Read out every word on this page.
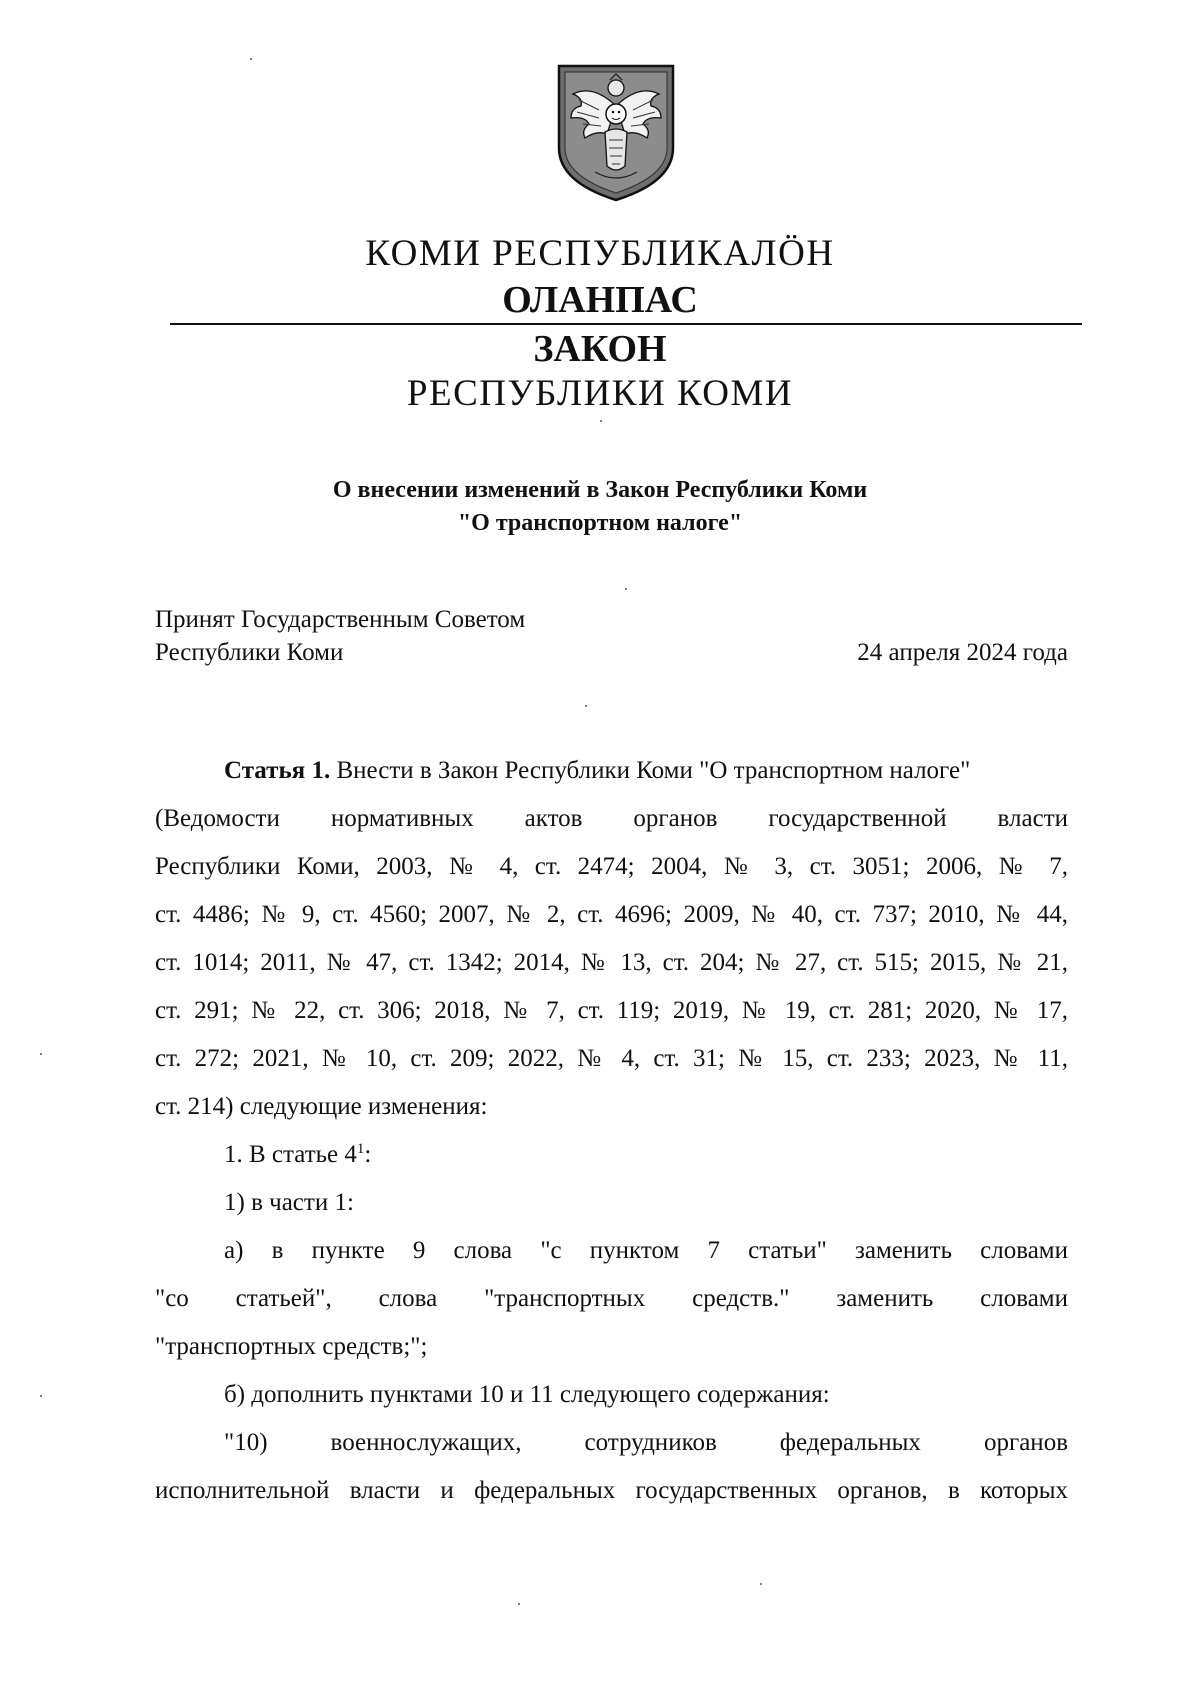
КОМИ РЕСПУБЛИКАЛӦН
ОЛАНПАС
ЗАКОН
РЕСПУБЛИКИ КОМИ
О внесении изменений в Закон Республики Коми
"О транспортном налоге"
Принят Государственным Советом
Республики Коми	24 апреля 2024 года
Статья 1. Внести в Закон Республики Коми "О транспортном налоге"
(Ведомости нормативных актов органов государственной власти
Республики Коми, 2003, № 4, ст. 2474; 2004, № 3, ст. 3051; 2006, № 7,
ст. 4486; № 9, ст. 4560; 2007, № 2, ст. 4696; 2009, № 40, ст. 737; 2010, № 44,
ст. 1014; 2011, № 47, ст. 1342; 2014, № 13, ст. 204; № 27, ст. 515; 2015, № 21,
ст. 291; № 22, ст. 306; 2018, № 7, ст. 119; 2019, № 19, ст. 281; 2020, № 17,
ст. 272; 2021, № 10, ст. 209; 2022, № 4, ст. 31; № 15, ст. 233; 2023, № 11,
ст. 214) следующие изменения:
1. В статье $4^1$:
1) в части 1:
а) в пункте 9 слова "с пунктом 7 статьи" заменить словами
"со статьей", слова "транспортных средств." заменить словами
"транспортных средств;";
б) дополнить пунктами 10 и 11 следующего содержания:
"10) военнослужащих, сотрудников федеральных органов
исполнительной власти и федеральных государственных органов, в которых
